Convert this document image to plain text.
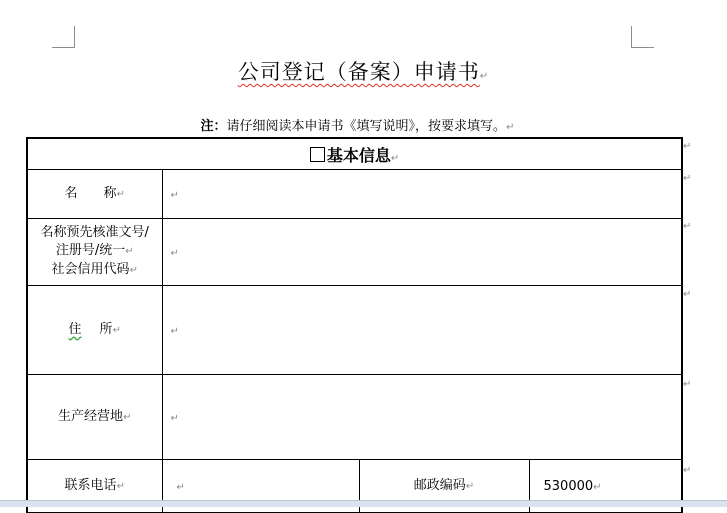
公司登记（备案）申请书↵
注：请仔细阅读本申请书《填写说明》，按要求填写。↵
基本信息↵			
名　　称↵	↵		

名称预先核准文号/
注册号/统一↵
社会信用代码↵	↵		
住 所↵	↵		
生产经营地↵	↵		
联系电话↵	↵	邮政编码↵	530000↵
↵
↵
↵
↵
↵
↵
